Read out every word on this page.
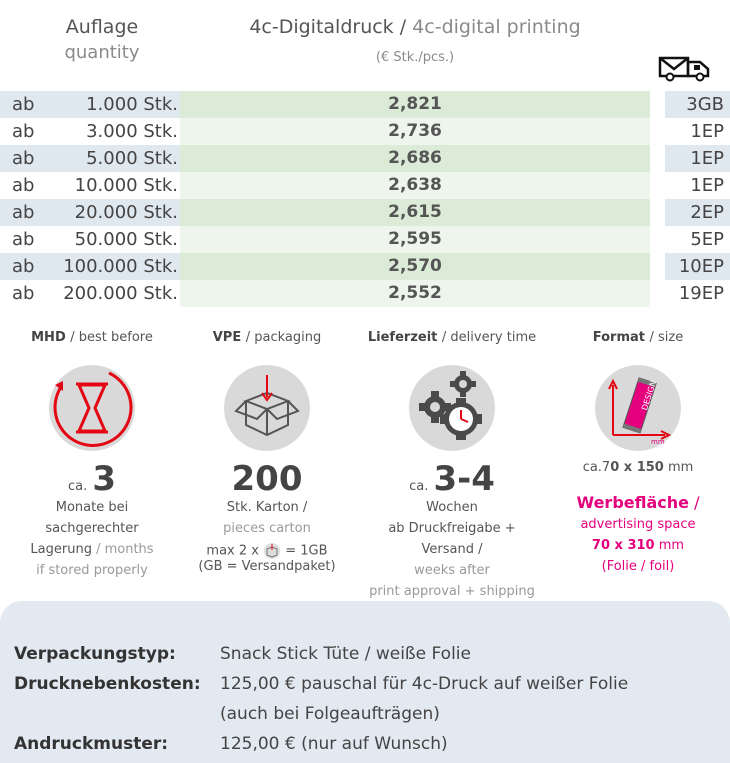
Auflage
quantity
4c-Digitaldruck / 4c-digital printing
(€ Stk./pcs.)
ab	1.000 Stk.	2,821	3GB
ab	3.000 Stk.	2,736	1EP
ab	5.000 Stk.	2,686	1EP
ab	10.000 Stk.	2,638	1EP
ab	20.000 Stk.	2,615	2EP
ab	50.000 Stk.	2,595	5EP
ab	100.000 Stk.	2,570	10EP
ab	200.000 Stk.	2,552	19EP
MHD / best before
ca. 3
Monate bei
sachgerechter
Lagerung / months
if stored properly
VPE / packaging
200
Stk. Karton /
pieces carton
max 2 x = 1GB
(GB = Versandpaket)
Lieferzeit / delivery time
ca. 3-4
Wochen
ab Druckfreigabe + Versand /
weeks after
print approval + shipping
Format / size
DESIGN
mm
ca.70 x 150 mm
Werbefläche /
advertising space
70 x 310 mm
(Folie / foil)
Verpackungstyp:	Snack Stick Tüte / weiße Folie
Drucknebenkosten:	125,00 € pauschal für 4c-Druck auf weißer Folie
(auch bei Folgeaufträgen)
Andruckmuster:	125,00 € (nur auf Wunsch)
